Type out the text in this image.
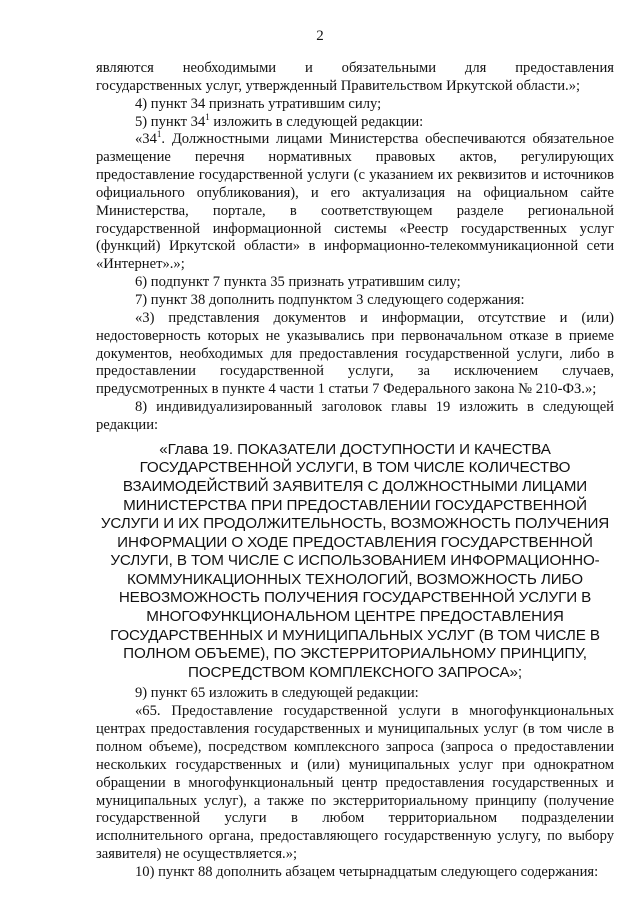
2

являются необходимыми и обязательными для предоставления

государственных услуг, утвержденный Правительством Иркутской области.»;

4) пункт 34 признать утратившим силу;

5) пункт $34^1$ изложить в следующей редакции:

«$34^1$. Должностными лицами Министерства обеспечиваются обязательное размещение перечня нормативных правовых актов, регулирующих предоставление государственной услуги (с указанием их реквизитов и источников официального опубликования), и его актуализация на официальном сайте Министерства, портале, в соответствующем разделе региональной государственной информационной системы «Реестр государственных услуг (функций) Иркутской области» в информационно-телекоммуникационной сети «Интернет».»;

6) подпункт 7 пункта 35 признать утратившим силу;

7) пункт 38 дополнить подпунктом 3 следующего содержания:

«3) представления документов и информации, отсутствие и (или) недостоверность которых не указывались при первоначальном отказе в приеме документов, необходимых для предоставления государственной услуги, либо в предоставлении государственной услуги, за исключением случаев, предусмотренных в пункте 4 части 1 статьи 7 Федерального закона № 210-ФЗ.»;

8) индивидуализированный заголовок главы 19 изложить в следующей редакции:

«Глава 19. ПОКАЗАТЕЛИ ДОСТУПНОСТИ И КАЧЕСТВА ГОСУДАРСТВЕННОЙ УСЛУГИ, В ТОМ ЧИСЛЕ КОЛИЧЕСТВО ВЗАИМОДЕЙСТВИЙ ЗАЯВИТЕЛЯ С ДОЛЖНОСТНЫМИ ЛИЦАМИ МИНИСТЕРСТВА ПРИ ПРЕДОСТАВЛЕНИИ ГОСУДАРСТВЕННОЙ УСЛУГИ И ИХ ПРОДОЛЖИТЕЛЬНОСТЬ, ВОЗМОЖНОСТЬ ПОЛУЧЕНИЯ ИНФОРМАЦИИ О ХОДЕ ПРЕДОСТАВЛЕНИЯ ГОСУДАРСТВЕННОЙ УСЛУГИ, В ТОМ ЧИСЛЕ С ИСПОЛЬЗОВАНИЕМ ИНФОРМАЦИОННО-КОММУНИКАЦИОННЫХ ТЕХНОЛОГИЙ, ВОЗМОЖНОСТЬ ЛИБО НЕВОЗМОЖНОСТЬ ПОЛУЧЕНИЯ ГОСУДАРСТВЕННОЙ УСЛУГИ В МНОГОФУНКЦИОНАЛЬНОМ ЦЕНТРЕ ПРЕДОСТАВЛЕНИЯ ГОСУДАРСТВЕННЫХ И МУНИЦИПАЛЬНЫХ УСЛУГ (В ТОМ ЧИСЛЕ В ПОЛНОМ ОБЪЕМЕ), ПО ЭКСТЕРРИТОРИАЛЬНОМУ ПРИНЦИПУ, ПОСРЕДСТВОМ КОМПЛЕКСНОГО ЗАПРОСА»;

9) пункт 65 изложить в следующей редакции:

«65. Предоставление государственной услуги в многофункциональных центрах предоставления государственных и муниципальных услуг (в том числе в полном объеме), посредством комплексного запроса (запроса о предоставлении нескольких государственных и (или) муниципальных услуг при однократном обращении в многофункциональный центр предоставления государственных и муниципальных услуг), а также по экстерриториальному принципу (получение государственной услуги в любом территориальном подразделении исполнительного органа, предоставляющего государственную услугу, по выбору заявителя) не осуществляется.»;

10) пункт 88 дополнить абзацем четырнадцатым следующего содержания:
